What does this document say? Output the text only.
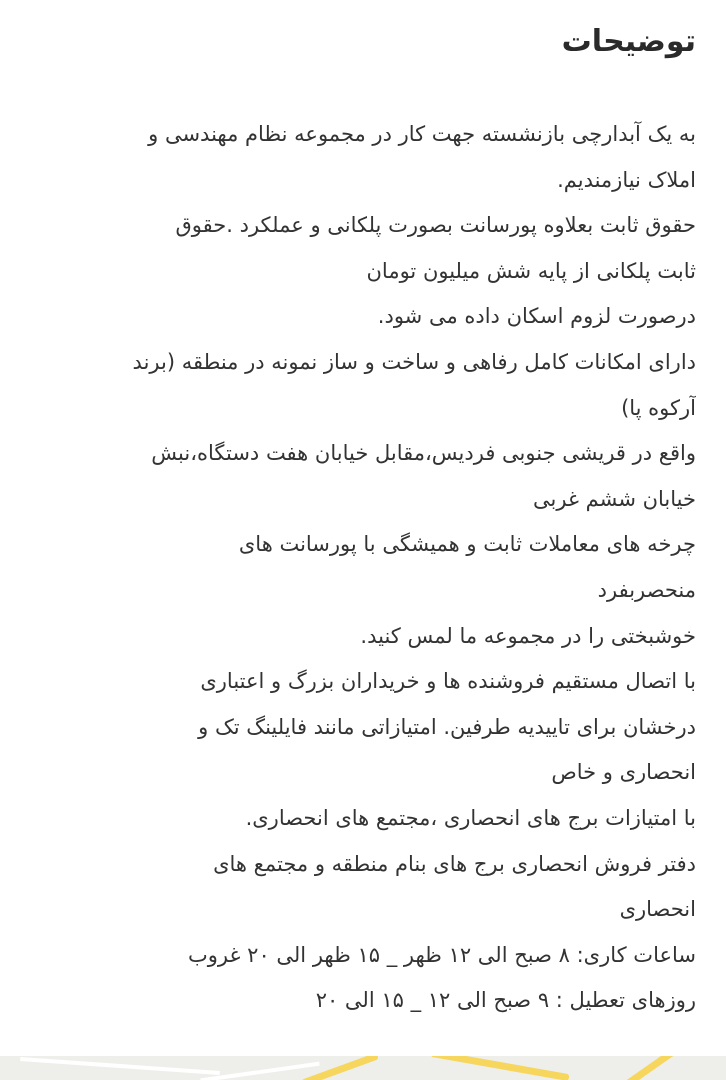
توضیحات
به یک آبدارچی بازنشسته جهت کار در مجموعه نظام مهندسی و
املاک نیازمندیم.
حقوق ثابت بعلاوه پورسانت بصورت پلکانی و عملکرد .حقوق
ثابت پلکانی از پایه شش میلیون تومان
درصورت لزوم اسکان داده می شود.
دارای امکانات کامل رفاهی و ساخت و ساز نمونه در منطقه (برند
آرکوه پا)
واقع در قریشی جنوبی فردیس،مقابل خیابان هفت دستگاه،نبش
خیابان ششم غربی
چرخه های معاملات ثابت و همیشگی با پورسانت های
منحصربفرد
خوشبختی را در مجموعه ما لمس کنید.
با اتصال مستقیم فروشنده ها و خریداران بزرگ و اعتباری
درخشان برای تاییدیه طرفین. امتیازاتی مانند فایلینگ تک و
انحصاری و خاص
با امتیازات برج های انحصاری ،مجتمع های انحصاری.
دفتر فروش انحصاری برج های بنام منطقه و مجتمع های
انحصاری
ساعات کاری: ۸ صبح الی ۱۲ ظهر _ ۱۵ ظهر الی ۲۰ غروب
روزهای تعطیل : ۹ صبح الی ۱۲ _ ۱۵ الی ۲۰
